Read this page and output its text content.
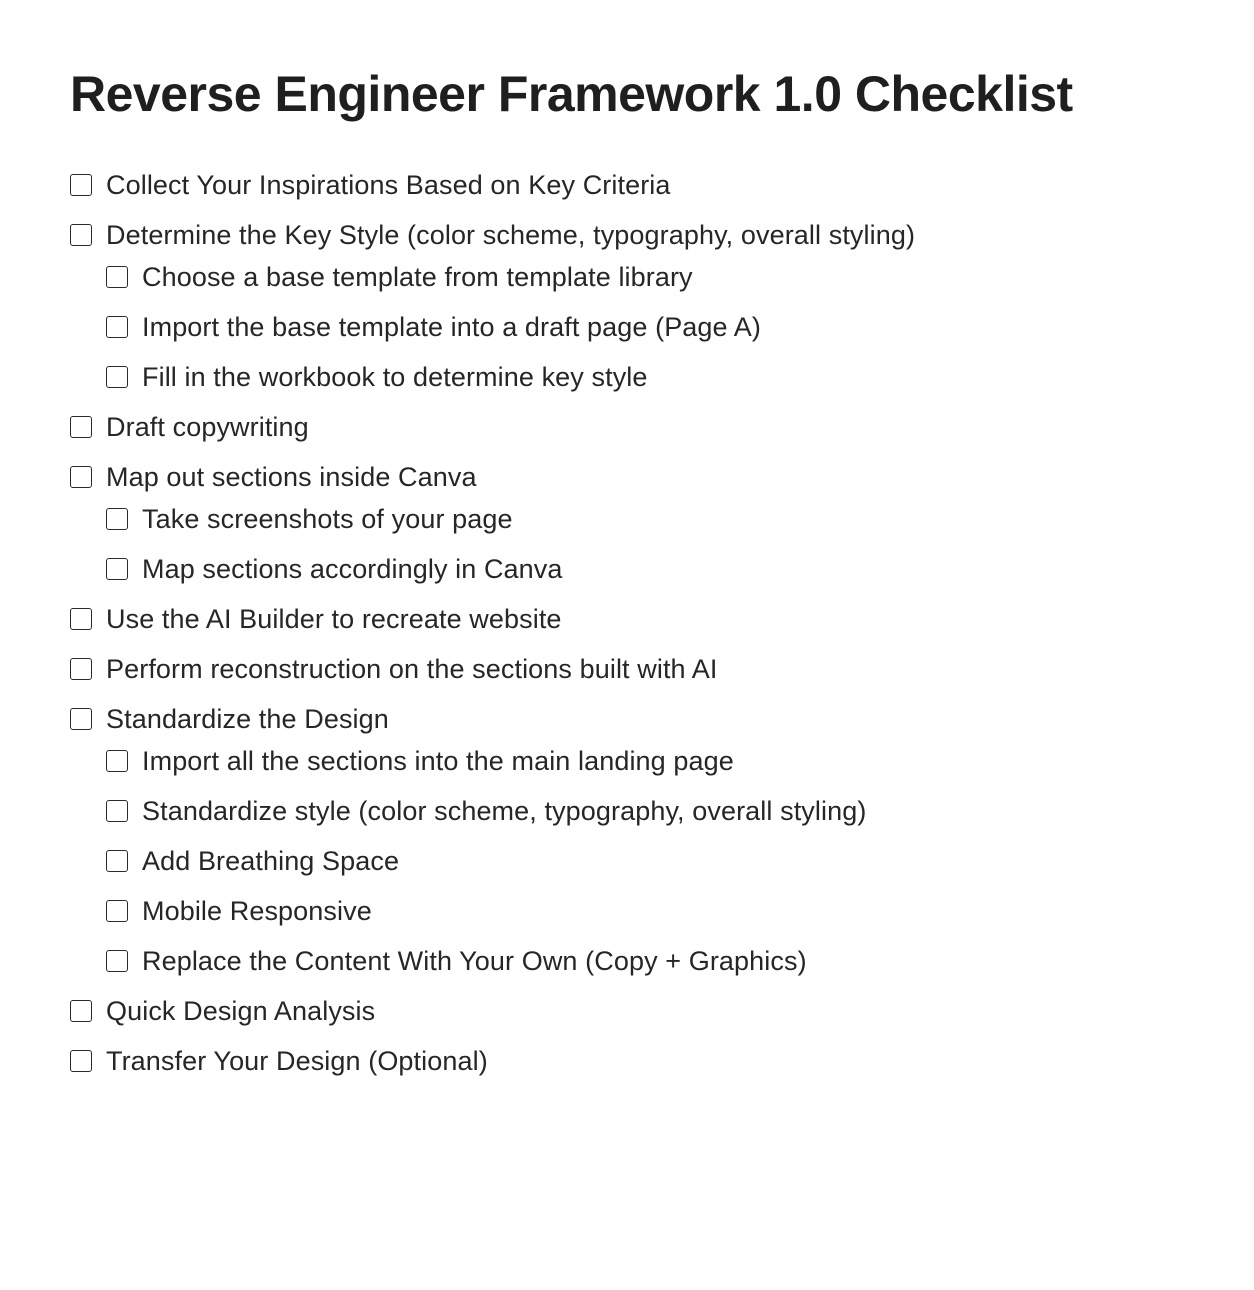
Reverse Engineer Framework 1.0 Checklist
Collect Your Inspirations Based on Key Criteria
Determine the Key Style (color scheme, typography, overall styling)
Choose a base template from template library
Import the base template into a draft page (Page A)
Fill in the workbook to determine key style
Draft copywriting
Map out sections inside Canva
Take screenshots of your page
Map sections accordingly in Canva
Use the AI Builder to recreate website
Perform reconstruction on the sections built with AI
Standardize the Design
Import all the sections into the main landing page
Standardize style (color scheme, typography, overall styling)
Add Breathing Space
Mobile Responsive
Replace the Content With Your Own (Copy + Graphics)
Quick Design Analysis
Transfer Your Design (Optional)
